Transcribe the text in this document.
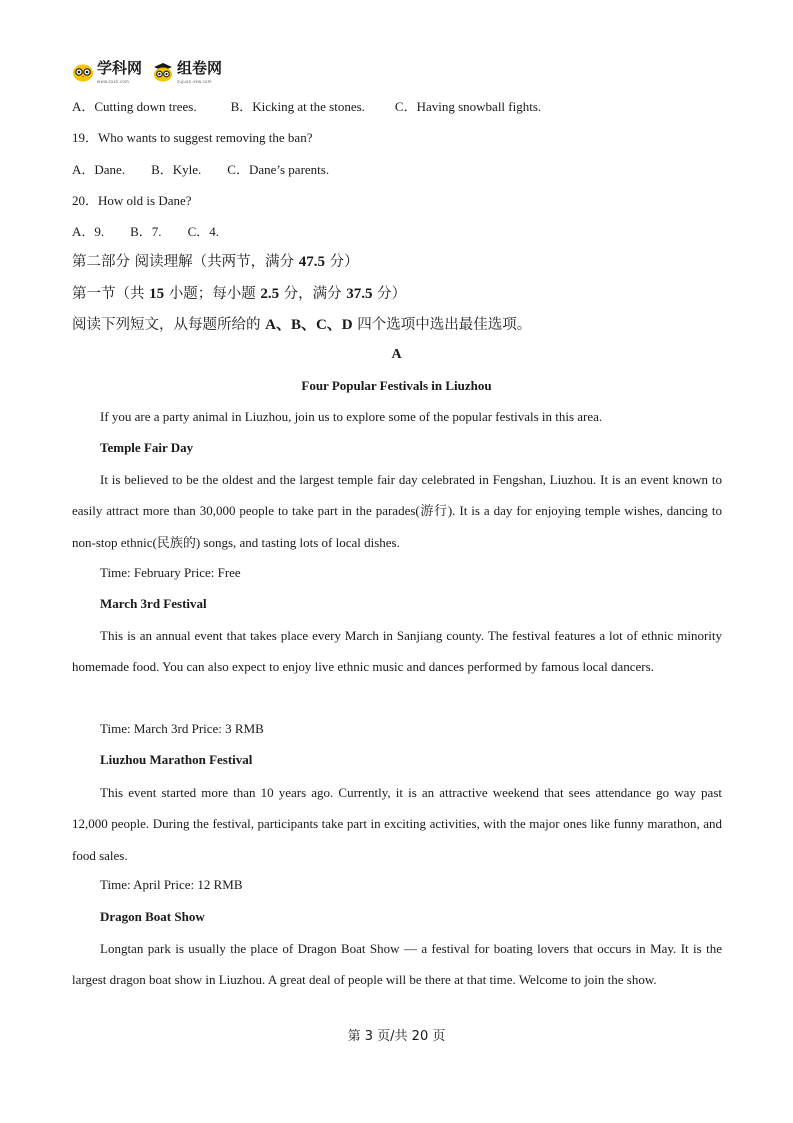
学科网
www.zxxk.com
组卷网
zujuan.xkw.com
A．Cutting down trees.	B．Kicking at the stones. C．Having snowball fights.
19．Who wants to suggest removing the ban?
A．Dane. B．Kyle. C．Dane’s parents.
20．How old is Dane?
A．9. B．7. C．4.
第二部分 阅读理解（共两节，满分 47.5 分）
第一节（共 15 小题；每小题 2.5 分，满分 37.5 分）
阅读下列短文，从每题所给的 A、B、C、D 四个选项中选出最佳选项。
A
Four Popular Festivals in Liuzhou
If you are a party animal in Liuzhou, join us to explore some of the popular festivals in this area.
Temple Fair Day

It is believed to be the oldest and the largest temple fair day celebrated in Fengshan, Liuzhou. It is an event known to easily attract more than 30,000 people to take part in the parades(游行). It is a day for enjoying temple wishes, dancing to non-stop ethnic(民族的) songs, and tasting lots of local dishes.

Time: February Price: Free
March 3rd Festival

This is an annual event that takes place every March in Sanjiang county. The festival features a lot of ethnic minority homemade food. You can also expect to enjoy live ethnic music and dances performed by famous local dancers.

Time: March 3rd Price: 3 RMB
Liuzhou Marathon Festival

This event started more than 10 years ago. Currently, it is an attractive weekend that sees attendance go way past 12,000 people. During the festival, participants take part in exciting activities, with the major ones like funny marathon, and food sales.

Time: April Price: 12 RMB
Dragon Boat Show

Longtan park is usually the place of Dragon Boat Show — a festival for boating lovers that occurs in May. It is the largest dragon boat show in Liuzhou. A great deal of people will be there at that time. Welcome to join the show.

第 3 页/共 20 页
